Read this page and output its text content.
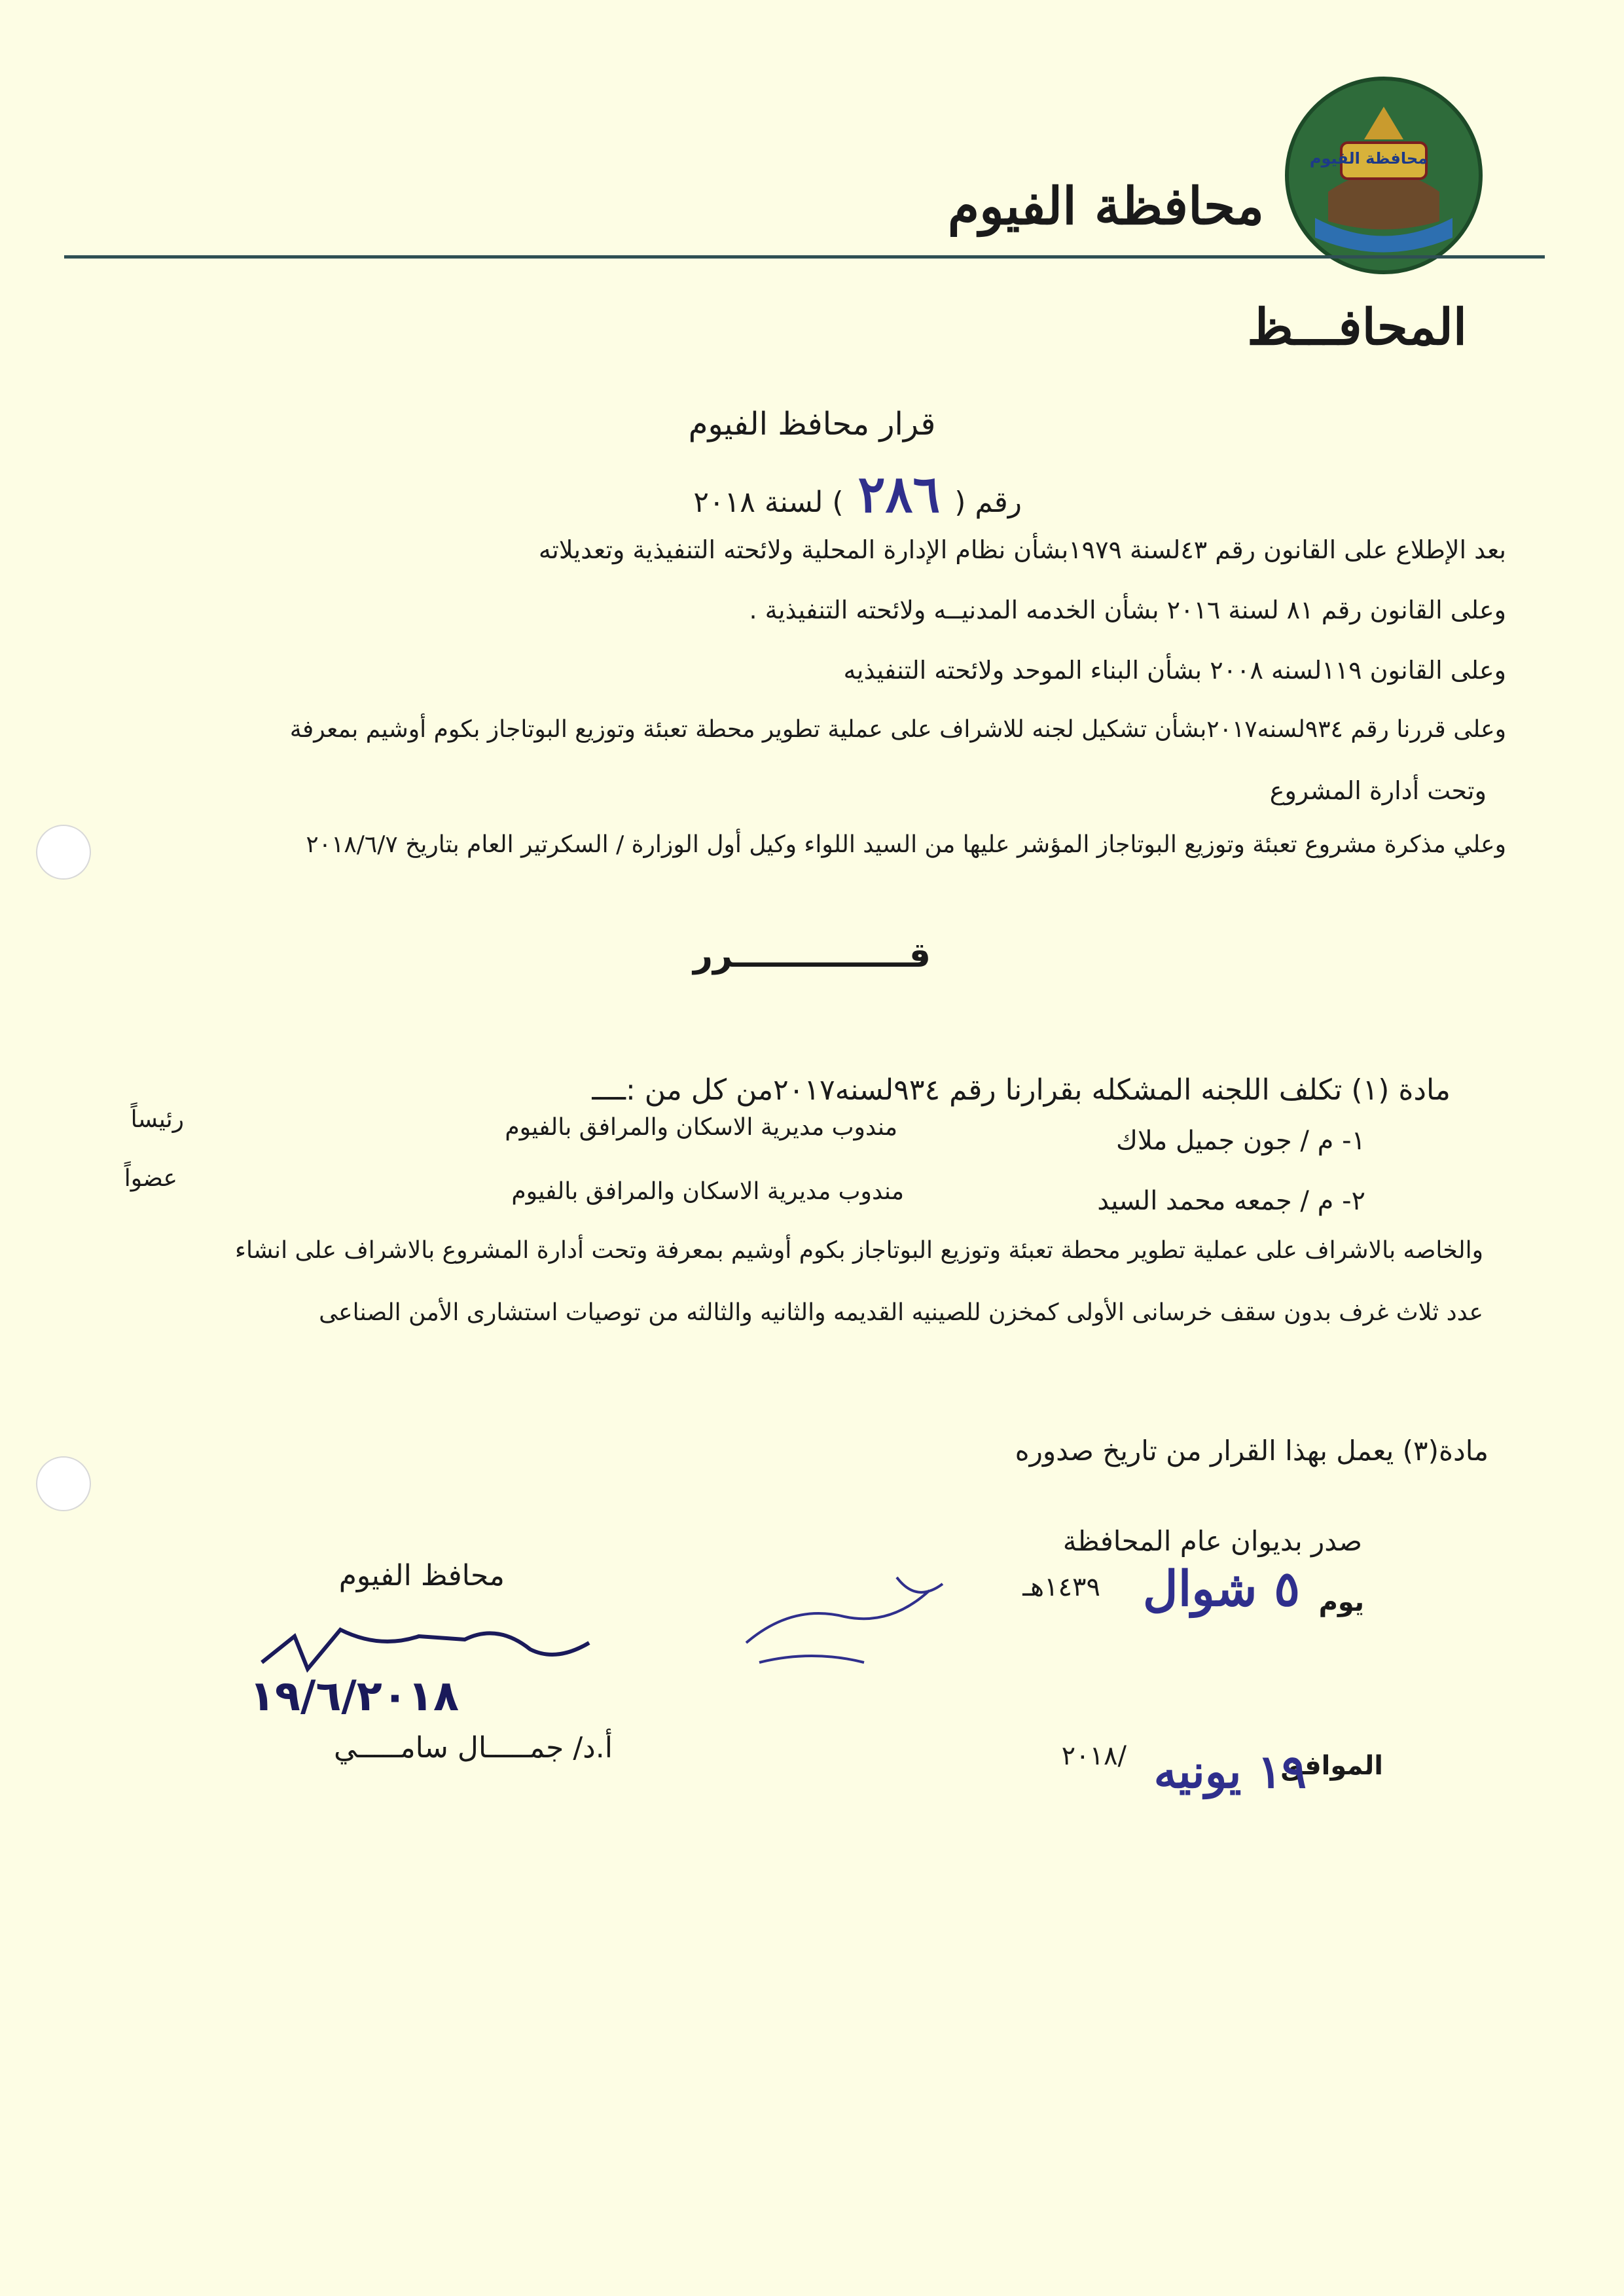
محافظة الفيوم
محافظة الفيوم
المحافـــظ
قرار محافظ الفيوم
رقم ( ٢٨٦ ) لسنة ٢٠١٨
بعد الإطلاع على القانون رقم ٤٣لسنة ١٩٧٩بشأن نظام الإدارة المحلية ولائحته التنفيذية وتعديلاته
وعلى القانون رقم ٨١ لسنة ٢٠١٦ بشأن الخدمه المدنيــه ولائحته التنفيذية .
وعلى القانون ١١٩لسنه ٢٠٠٨ بشأن البناء الموحد ولائحته التنفيذيه
وعلى قررنا رقم ٩٣٤لسنه٢٠١٧بشأن تشكيل لجنه للاشراف على عملية تطوير محطة تعبئة وتوزيع البوتاجاز بكوم أوشيم بمعرفة
وتحت أدارة المشروع
وعلي مذكرة مشروع تعبئة وتوزيع البوتاجاز المؤشر عليها من السيد اللواء وكيل أول الوزارة / السكرتير العام بتاريخ ٢٠١٨/٦/٧
قـــــــــــــــرر
مادة (١) تكلف اللجنه المشكله بقرارنا رقم ٩٣٤لسنه٢٠١٧من كل من :ــــ
١- م / جون جميل ملاك
مندوب مديرية الاسكان والمرافق بالفيوم
رئيساً
٢- م / جمعه محمد السيد
مندوب مديرية الاسكان والمرافق بالفيوم
عضواً
والخاصه بالاشراف على عملية تطوير محطة تعبئة وتوزيع البوتاجاز بكوم أوشيم بمعرفة وتحت أدارة المشروع بالاشراف على انشاء
عدد ثلاث غرف بدون سقف خرسانى الأولى كمخزن للصينيه القديمه والثانيه والثالثه من توصيات استشارى الأمن الصناعى
مادة(٣) يعمل بهذا القرار من تاريخ صدوره
صدر بديوان عام المحافظة
يوم
٥ شوال
١٤٣٩هـ
الموافق
١٩ يونيه
/٢٠١٨
محافظ الفيوم
١٩/٦/٢٠١٨
أ.د/ جمـــــال سامـــــي
